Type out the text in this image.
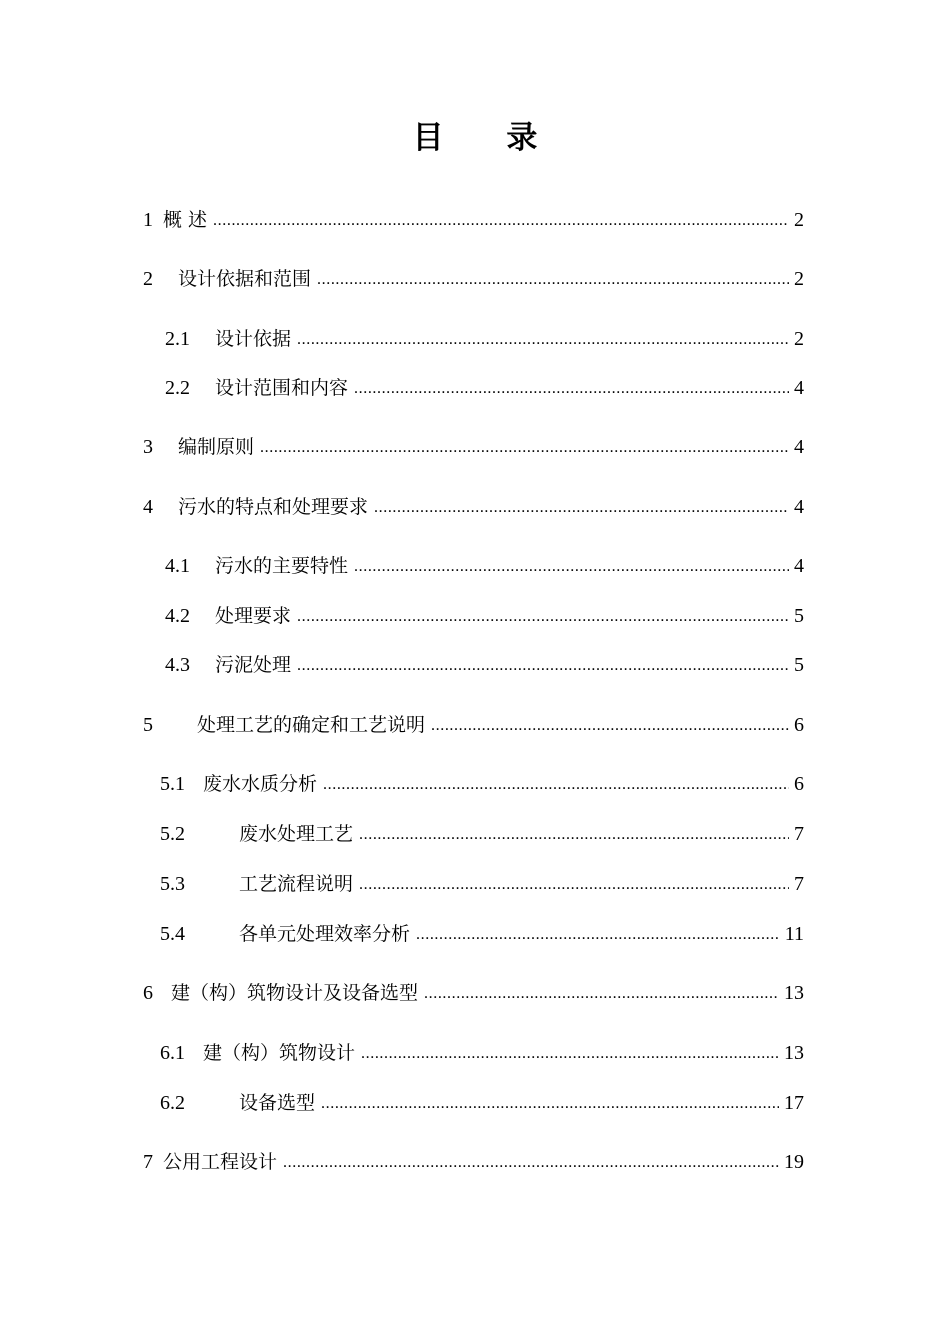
目 录
1 概 述 .....	2
2 设计依据和范围 .....	2
2.1 设计依据 .....	2
2.2 设计范围和内容 .....	4
3 编制原则 .....	4
4 污水的特点和处理要求 .....	4
4.1 污水的主要特性 .....	4
4.2 处理要求 .....	5
4.3 污泥处理 .....	5
5 处理工艺的确定和工艺说明 .....	6
5.1 废水水质分析 .....	6
5.2	废水处理工艺 .....	7
5.3	工艺流程说明 .....	7
5.4	各单元处理效率分析 .....	11
6 建（构）筑物设计及设备选型 .....	13
6.1 建（构）筑物设计 .....	13
6.2	设备选型 .....	17
7 公用工程设计 .....	19
